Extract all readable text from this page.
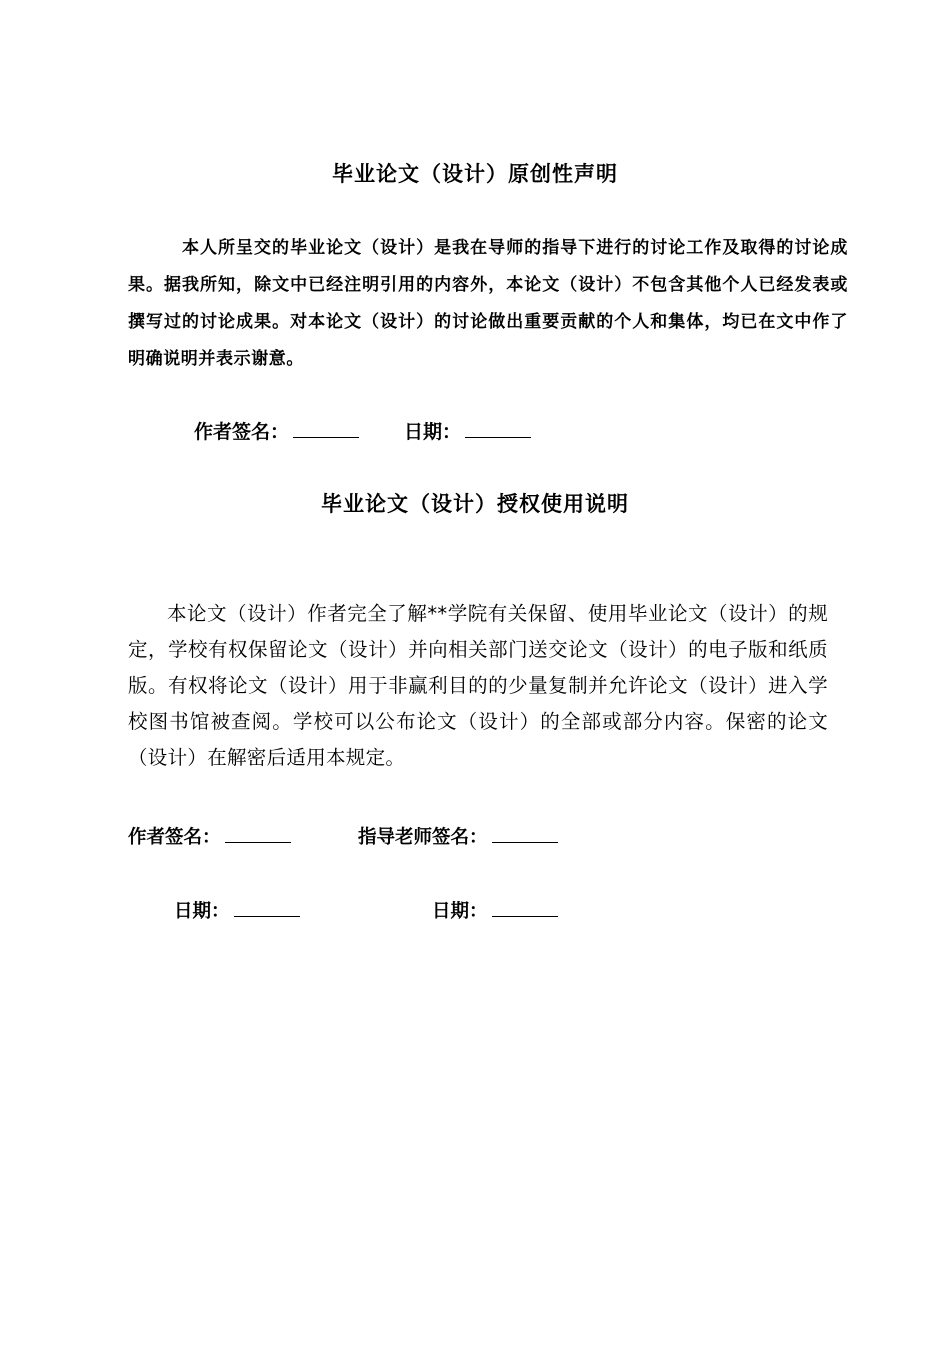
毕业论文（设计）原创性声明
本人所呈交的毕业论文（设计）是我在导师的指导下进行的讨论工作及取得的讨论成果。据我所知，除文中已经注明引用的内容外，本论文（设计）不包含其他个人已经发表或撰写过的讨论成果。对本论文（设计）的讨论做出重要贡献的个人和集体，均已在文中作了明确说明并表示谢意。
作者签名：	日期：
毕业论文（设计）授权使用说明
本论文（设计）作者完全了解**学院有关保留、使用毕业论文（设计）的规定，学校有权保留论文（设计）并向相关部门送交论文（设计）的电子版和纸质版。有权将论文（设计）用于非赢利目的的少量复制并允许论文（设计）进入学校图书馆被查阅。学校可以公布论文（设计）的全部或部分内容。保密的论文（设计）在解密后适用本规定。
作者签名：	指导老师签名：
日期：	日期：
